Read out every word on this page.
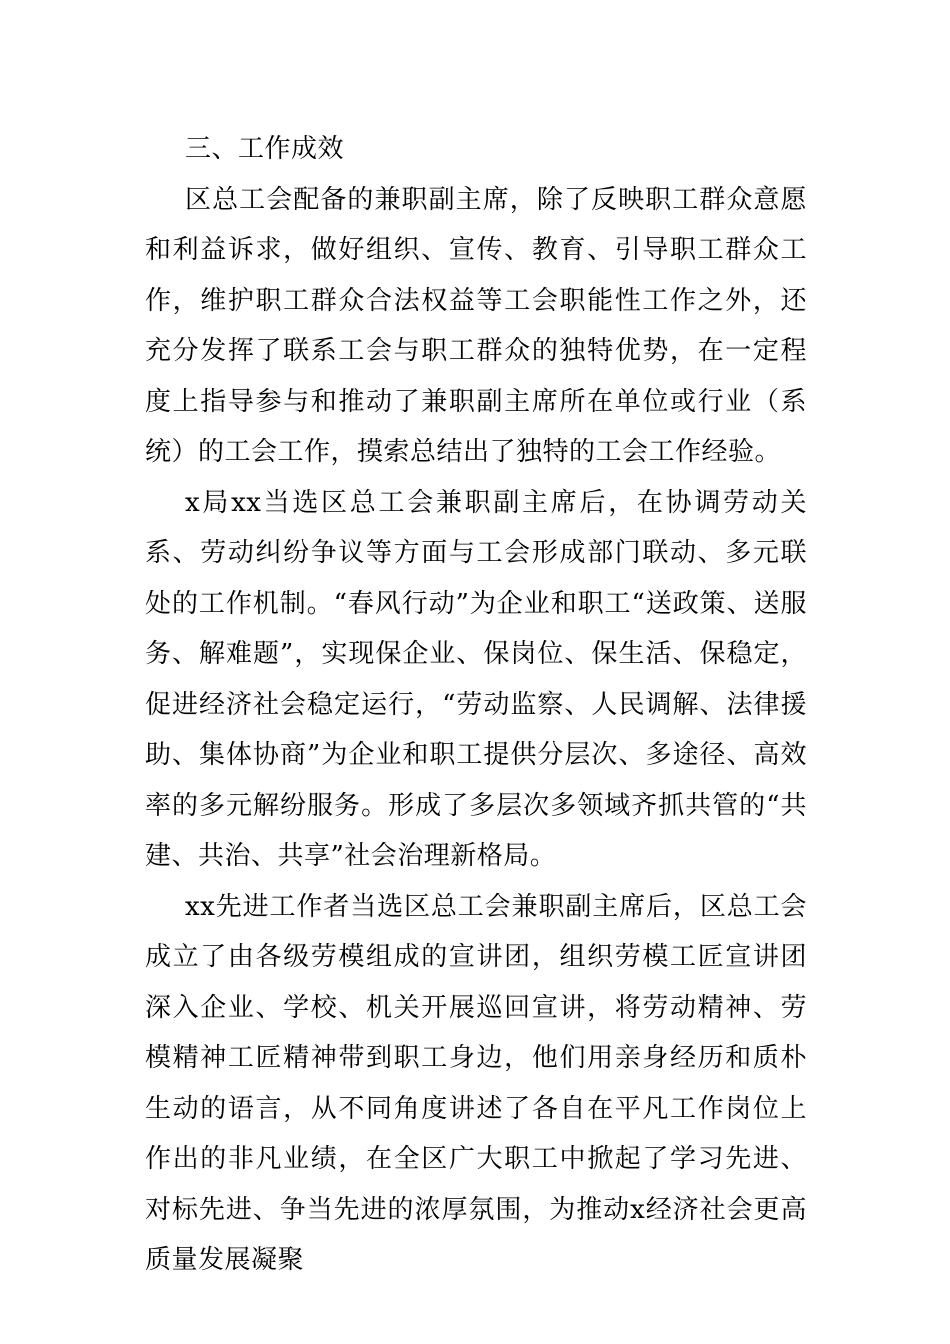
三、工作成效

区总工会配备的兼职副主席，除了反映职工群众意愿和利益诉求，做好组织、宣传、教育、引导职工群众工作，维护职工群众合法权益等工会职能性工作之外，还充分发挥了联系工会与职工群众的独特优势，在一定程度上指导参与和推动了兼职副主席所在单位或行业（系统）的工会工作，摸索总结出了独特的工会工作经验。

x局xx当选区总工会兼职副主席后，在协调劳动关系、劳动纠纷争议等方面与工会形成部门联动、多元联处的工作机制。“春风行动”为企业和职工“送政策、送服务、解难题”，实现保企业、保岗位、保生活、保稳定，促进经济社会稳定运行，“劳动监察、人民调解、法律援助、集体协商”为企业和职工提供分层次、多途径、高效率的多元解纷服务。形成了多层次多领域齐抓共管的“共建、共治、共享”社会治理新格局。

xx先进工作者当选区总工会兼职副主席后，区总工会成立了由各级劳模组成的宣讲团，组织劳模工匠宣讲团深入企业、学校、机关开展巡回宣讲，将劳动精神、劳模精神工匠精神带到职工身边，他们用亲身经历和质朴生动的语言，从不同角度讲述了各自在平凡工作岗位上作出的非凡业绩，在全区广大职工中掀起了学习先进、对标先进、争当先进的浓厚氛围，为推动x经济社会更高质量发展凝聚
